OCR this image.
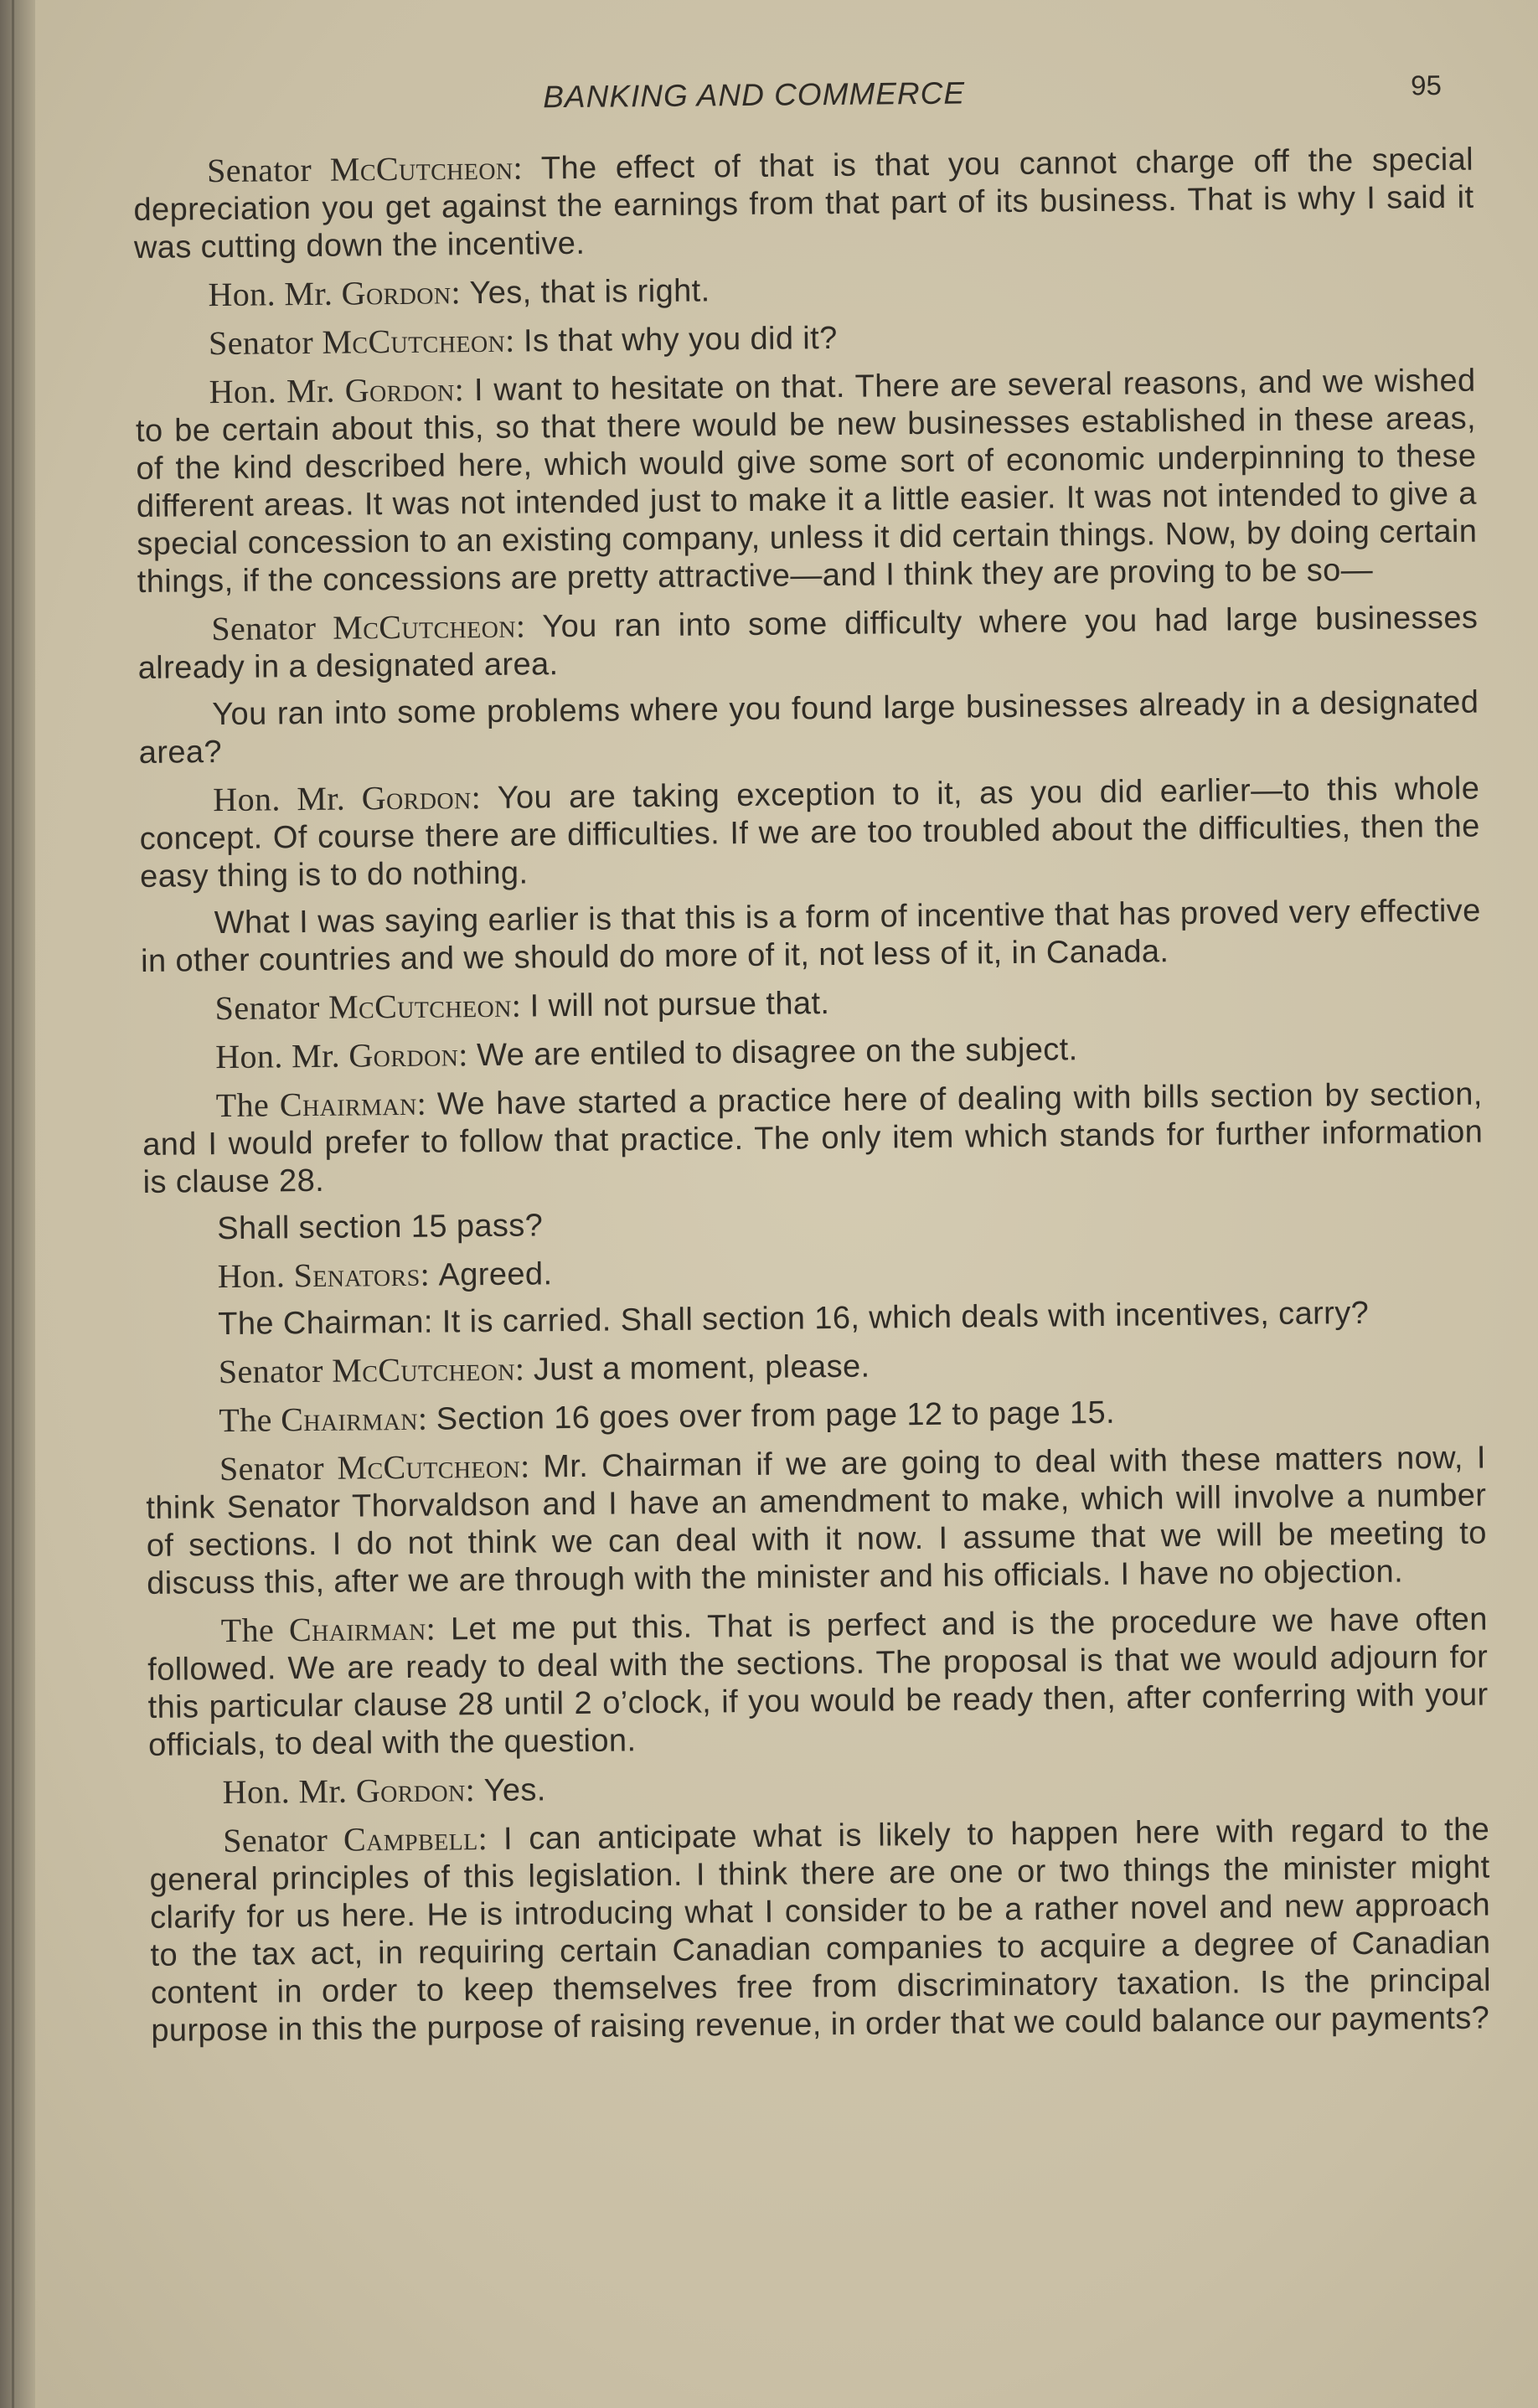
BANKING AND COMMERCE	95

Senator McCutcheon: The effect of that is that you cannot charge off the special depreciation you get against the earnings from that part of its business. That is why I said it was cutting down the incentive.

Hon. Mr. Gordon: Yes, that is right.

Senator McCutcheon: Is that why you did it?

Hon. Mr. Gordon: I want to hesitate on that. There are several reasons, and we wished to be certain about this, so that there would be new businesses established in these areas, of the kind described here, which would give some sort of economic underpinning to these different areas. It was not intended just to make it a little easier. It was not intended to give a special concession to an existing company, unless it did certain things. Now, by doing certain things, if the concessions are pretty attractive—and I think they are proving to be so—

Senator McCutcheon: You ran into some difficulty where you had large businesses already in a designated area.

You ran into some problems where you found large businesses already in a designated area?

Hon. Mr. Gordon: You are taking exception to it, as you did earlier—to this whole concept. Of course there are difficulties. If we are too troubled about the difficulties, then the easy thing is to do nothing.

What I was saying earlier is that this is a form of incentive that has proved very effective in other countries and we should do more of it, not less of it, in Canada.

Senator McCutcheon: I will not pursue that.

Hon. Mr. Gordon: We are entiled to disagree on the subject.

The Chairman: We have started a practice here of dealing with bills section by section, and I would prefer to follow that practice. The only item which stands for further information is clause 28.

Shall section 15 pass?

Hon. Senators: Agreed.

The Chairman: It is carried. Shall section 16, which deals with incentives, carry?

Senator McCutcheon: Just a moment, please.

The Chairman: Section 16 goes over from page 12 to page 15.

Senator McCutcheon: Mr. Chairman if we are going to deal with these matters now, I think Senator Thorvaldson and I have an amendment to make, which will involve a number of sections. I do not think we can deal with it now. I assume that we will be meeting to discuss this, after we are through with the minister and his officials. I have no objection.

The Chairman: Let me put this. That is perfect and is the procedure we have often followed. We are ready to deal with the sections. The proposal is that we would adjourn for this particular clause 28 until 2 o’clock, if you would be ready then, after conferring with your officials, to deal with the question.

Hon. Mr. Gordon: Yes.

Senator Campbell: I can anticipate what is likely to happen here with regard to the general principles of this legislation. I think there are one or two things the minister might clarify for us here. He is introducing what I consider to be a rather novel and new approach to the tax act, in requiring certain Canadian companies to acquire a degree of Canadian content in order to keep themselves free from discriminatory taxation. Is the principal purpose in this the purpose of raising revenue, in order that we could balance our payments?
